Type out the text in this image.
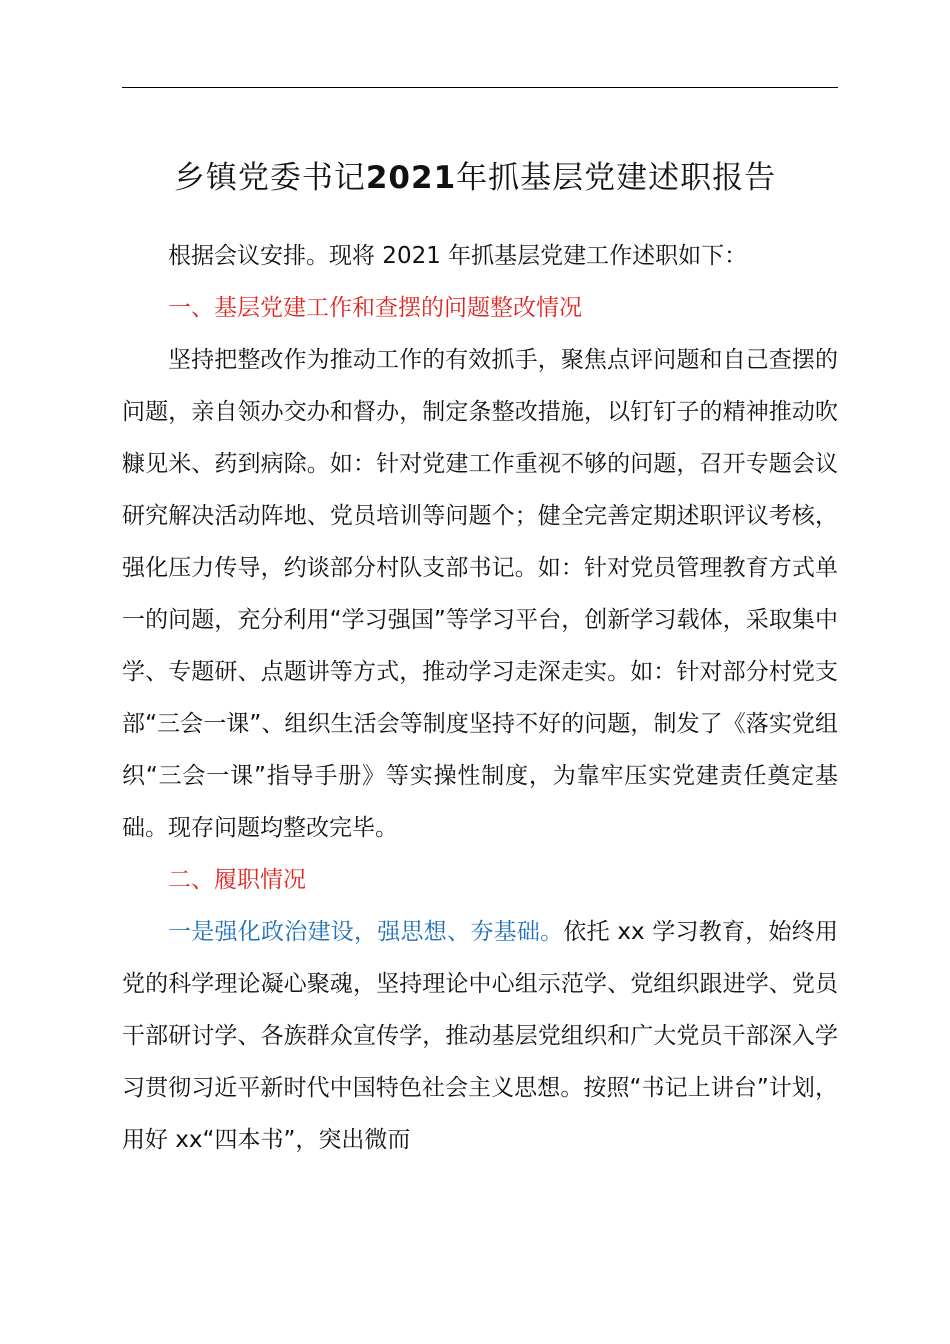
乡镇党委书记2021年抓基层党建述职报告

根据会议安排。现将 2021 年抓基层党建工作述职如下：

一、基层党建工作和查摆的问题整改情况

坚持把整改作为推动工作的有效抓手，聚焦点评问题和自己查摆的问题，亲自领办交办和督办，制定条整改措施，以钉钉子的精神推动吹糠见米、药到病除。如：针对党建工作重视不够的问题，召开专题会议研究解决活动阵地、党员培训等问题个；健全完善定期述职评议考核，强化压力传导，约谈部分村队支部书记。如：针对党员管理教育方式单一的问题，充分利用“学习强国”等学习平台，创新学习载体，采取集中学、专题研、点题讲等方式，推动学习走深走实。如：针对部分村党支部“三会一课”、组织生活会等制度坚持不好的问题，制发了《落实党组织“三会一课”指导手册》等实操性制度，为靠牢压实党建责任奠定基础。现存问题均整改完毕。

二、履职情况

一是强化政治建设，强思想、夯基础。依托 xx 学习教育，始终用党的科学理论凝心聚魂，坚持理论中心组示范学、党组织跟进学、党员干部研讨学、各族群众宣传学，推动基层党组织和广大党员干部深入学习贯彻习近平新时代中国特色社会主义思想。按照“书记上讲台”计划，用好 xx“四本书”，突出微而
